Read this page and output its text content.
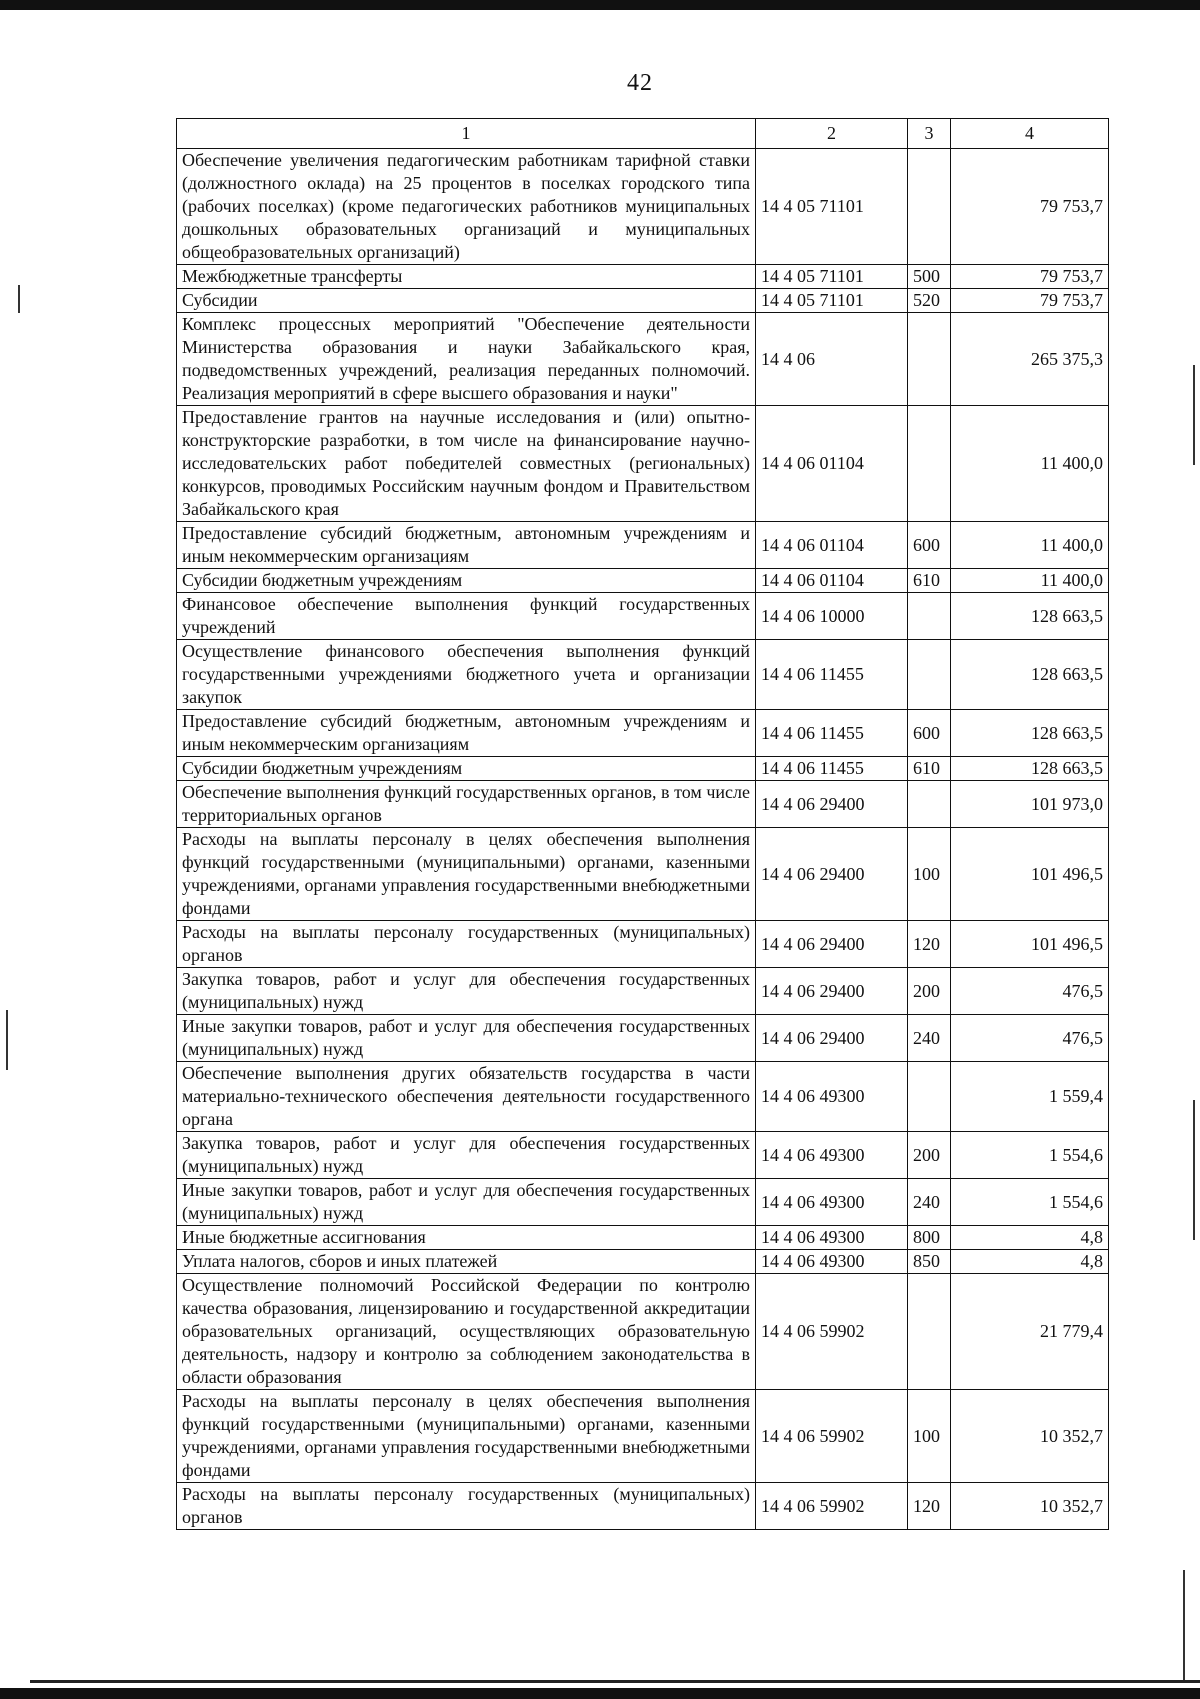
42
1	2	3	4
Обеспечение увеличения педагогическим работникам тарифной ставки (должностного оклада) на 25 процентов в поселках городского типа (рабочих поселках) (кроме педагогических работников муниципальных дошкольных образовательных организаций и муниципальных общеобразовательных организаций)	14 4 05 71101		79 753,7
Межбюджетные трансферты	14 4 05 71101	500	79 753,7
Субсидии	14 4 05 71101	520	79 753,7
Комплекс процессных мероприятий "Обеспечение деятельности Министерства образования и науки Забайкальского края, подведомственных учреждений, реализация переданных полномочий. Реализация мероприятий в сфере высшего образования и науки"	14 4 06		265 375,3
Предоставление грантов на научные исследования и (или) опытно-конструкторские разработки, в том числе на финансирование научно-исследовательских работ победителей совместных (региональных) конкурсов, проводимых Российским научным фондом и Правительством Забайкальского края	14 4 06 01104		11 400,0
Предоставление субсидий бюджетным, автономным учреждениям и иным некоммерческим организациям	14 4 06 01104	600	11 400,0
Субсидии бюджетным учреждениям	14 4 06 01104	610	11 400,0
Финансовое обеспечение выполнения функций государственных учреждений	14 4 06 10000		128 663,5
Осуществление финансового обеспечения выполнения функций государственными учреждениями бюджетного учета и организации закупок	14 4 06 11455		128 663,5
Предоставление субсидий бюджетным, автономным учреждениям и иным некоммерческим организациям	14 4 06 11455	600	128 663,5
Субсидии бюджетным учреждениям	14 4 06 11455	610	128 663,5
Обеспечение выполнения функций государственных органов, в том числе территориальных органов	14 4 06 29400		101 973,0
Расходы на выплаты персоналу в целях обеспечения выполнения функций государственными (муниципальными) органами, казенными учреждениями, органами управления государственными внебюджетными фондами	14 4 06 29400	100	101 496,5
Расходы на выплаты персоналу государственных (муниципальных) органов	14 4 06 29400	120	101 496,5
Закупка товаров, работ и услуг для обеспечения государственных (муниципальных) нужд	14 4 06 29400	200	476,5
Иные закупки товаров, работ и услуг для обеспечения государственных (муниципальных) нужд	14 4 06 29400	240	476,5
Обеспечение выполнения других обязательств государства в части материально-технического обеспечения деятельности государственного органа	14 4 06 49300		1 559,4
Закупка товаров, работ и услуг для обеспечения государственных (муниципальных) нужд	14 4 06 49300	200	1 554,6
Иные закупки товаров, работ и услуг для обеспечения государственных (муниципальных) нужд	14 4 06 49300	240	1 554,6
Иные бюджетные ассигнования	14 4 06 49300	800	4,8
Уплата налогов, сборов и иных платежей	14 4 06 49300	850	4,8
Осуществление полномочий Российской Федерации по контролю качества образования, лицензированию и государственной аккредитации образовательных организаций, осуществляющих образовательную деятельность, надзору и контролю за соблюдением законодательства в области образования	14 4 06 59902		21 779,4
Расходы на выплаты персоналу в целях обеспечения выполнения функций государственными (муниципальными) органами, казенными учреждениями, органами управления государственными внебюджетными фондами	14 4 06 59902	100	10 352,7
Расходы на выплаты персоналу государственных (муниципальных) органов	14 4 06 59902	120	10 352,7
